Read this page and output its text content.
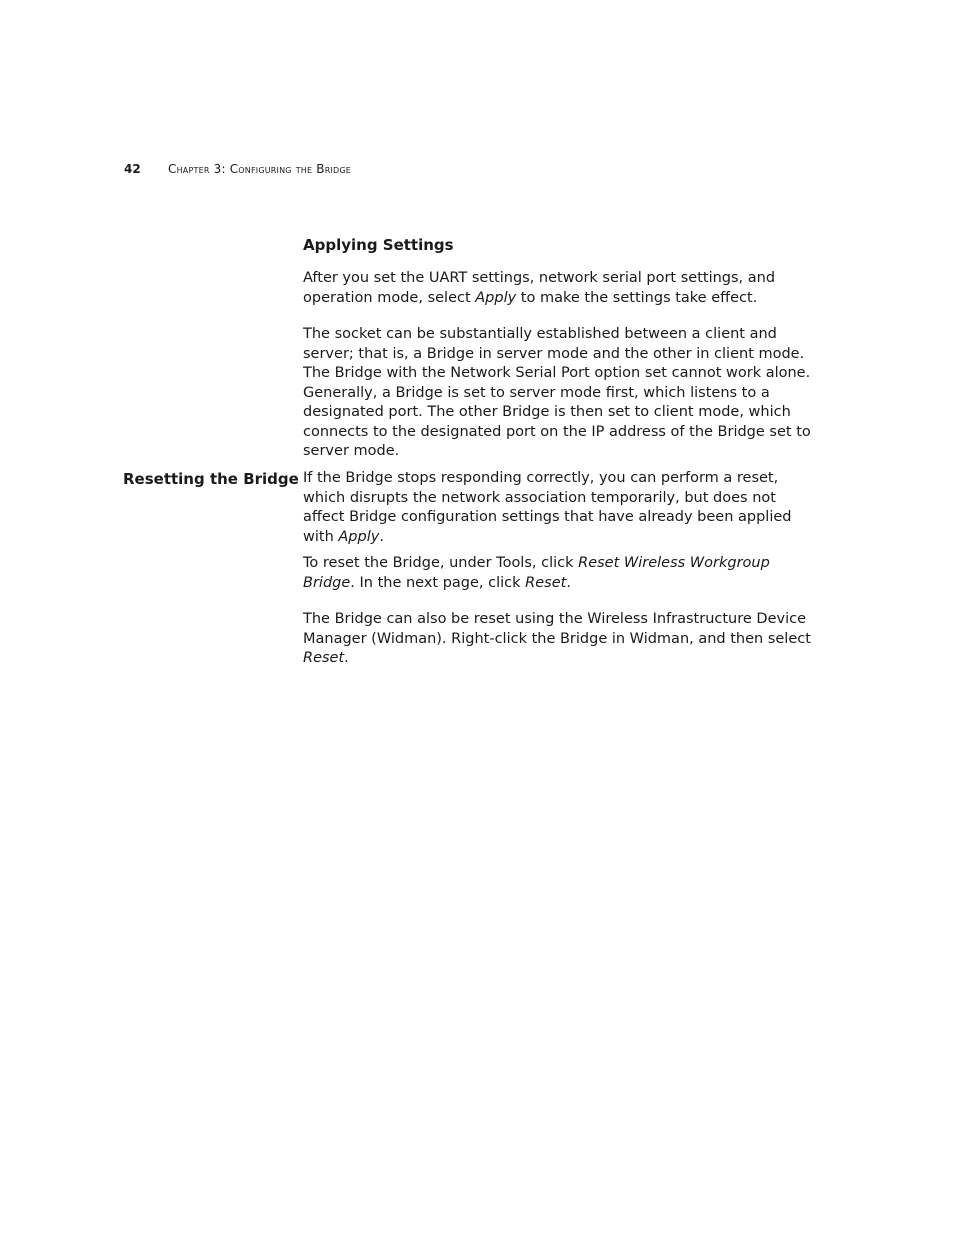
42 Chapter 3: Configuring the Bridge
Applying Settings

After you set the UART settings, network serial port settings, and operation mode, select Apply to make the settings take effect.

The socket can be substantially established between a client and server; that is, a Bridge in server mode and the other in client mode. The Bridge with the Network Serial Port option set cannot work alone. Generally, a Bridge is set to server mode first, which listens to a designated port. The other Bridge is then set to client mode, which connects to the designated port on the IP address of the Bridge set to server mode.

Resetting the Bridge If the Bridge stops responding correctly, you can perform a reset, which disrupts the network association temporarily, but does not affect Bridge configuration settings that have already been applied with Apply.

To reset the Bridge, under Tools, click Reset Wireless Workgroup Bridge. In the next page, click Reset.

The Bridge can also be reset using the Wireless Infrastructure Device Manager (Widman). Right-click the Bridge in Widman, and then select Reset.
